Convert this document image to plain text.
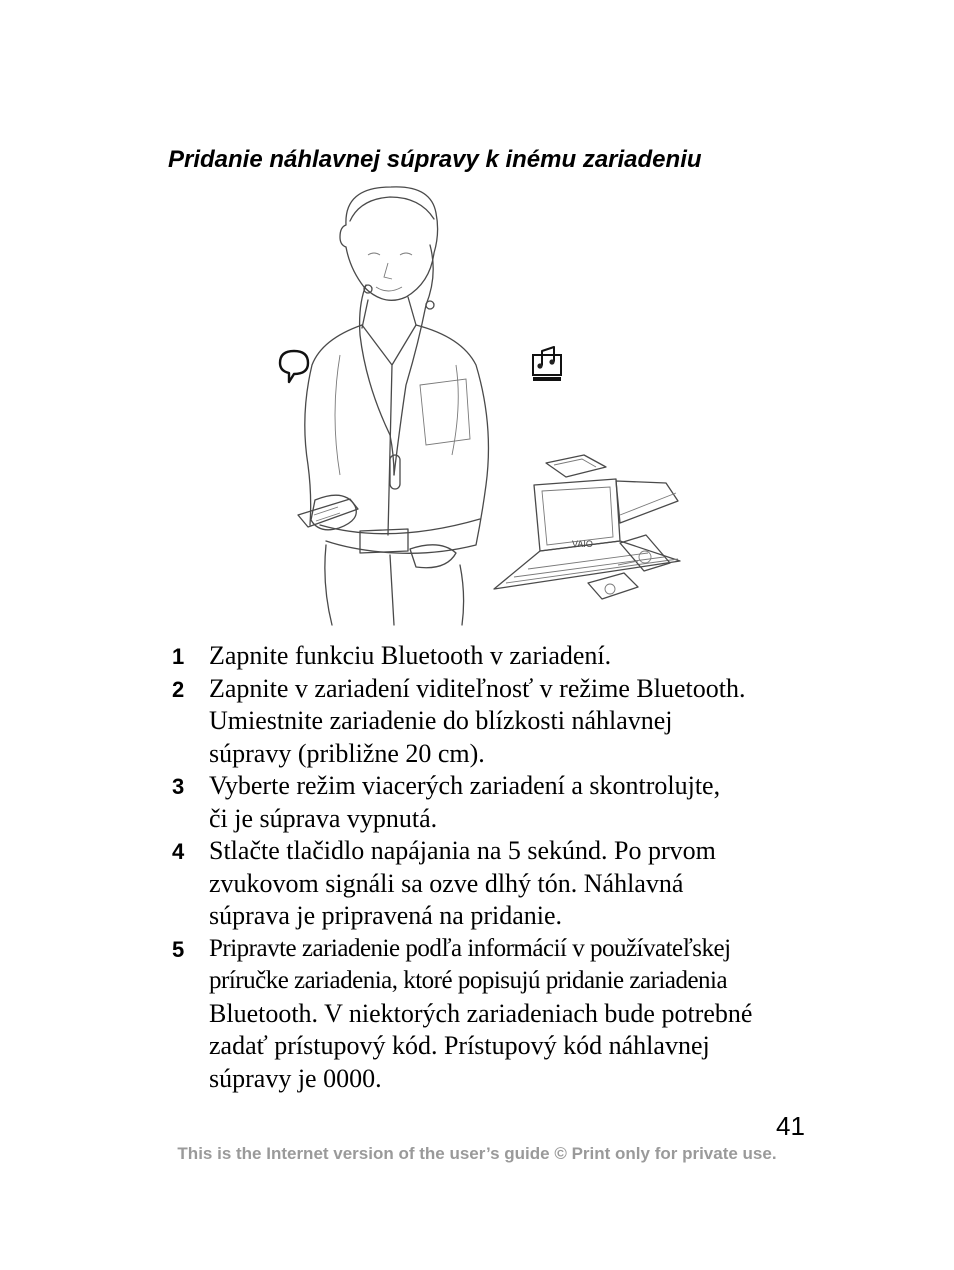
Pridanie náhlavnej súpravy k inému zariadeniu
VAIO
1 Zapnite funkciu Bluetooth v zariadení.
2 Zapnite v zariadení viditeľnosť v režime Bluetooth.
Umiestnite zariadenie do blízkosti náhlavnej
súpravy (približne 20 cm).
3 Vyberte režim viacerých zariadení a skontrolujte,
či je súprava vypnutá.
4 Stlačte tlačidlo napájania na 5 sekúnd. Po prvom
zvukovom signáli sa ozve dlhý tón. Náhlavná
súprava je pripravená na pridanie.
5 Pripravte zariadenie podľa informácií v používateľskej
príručke zariadenia, ktoré popisujú pridanie zariadenia
Bluetooth. V niektorých zariadeniach bude potrebné
zadať prístupový kód. Prístupový kód náhlavnej
súpravy je 0000.
41
This is the Internet version of the user’s guide © Print only for private use.
